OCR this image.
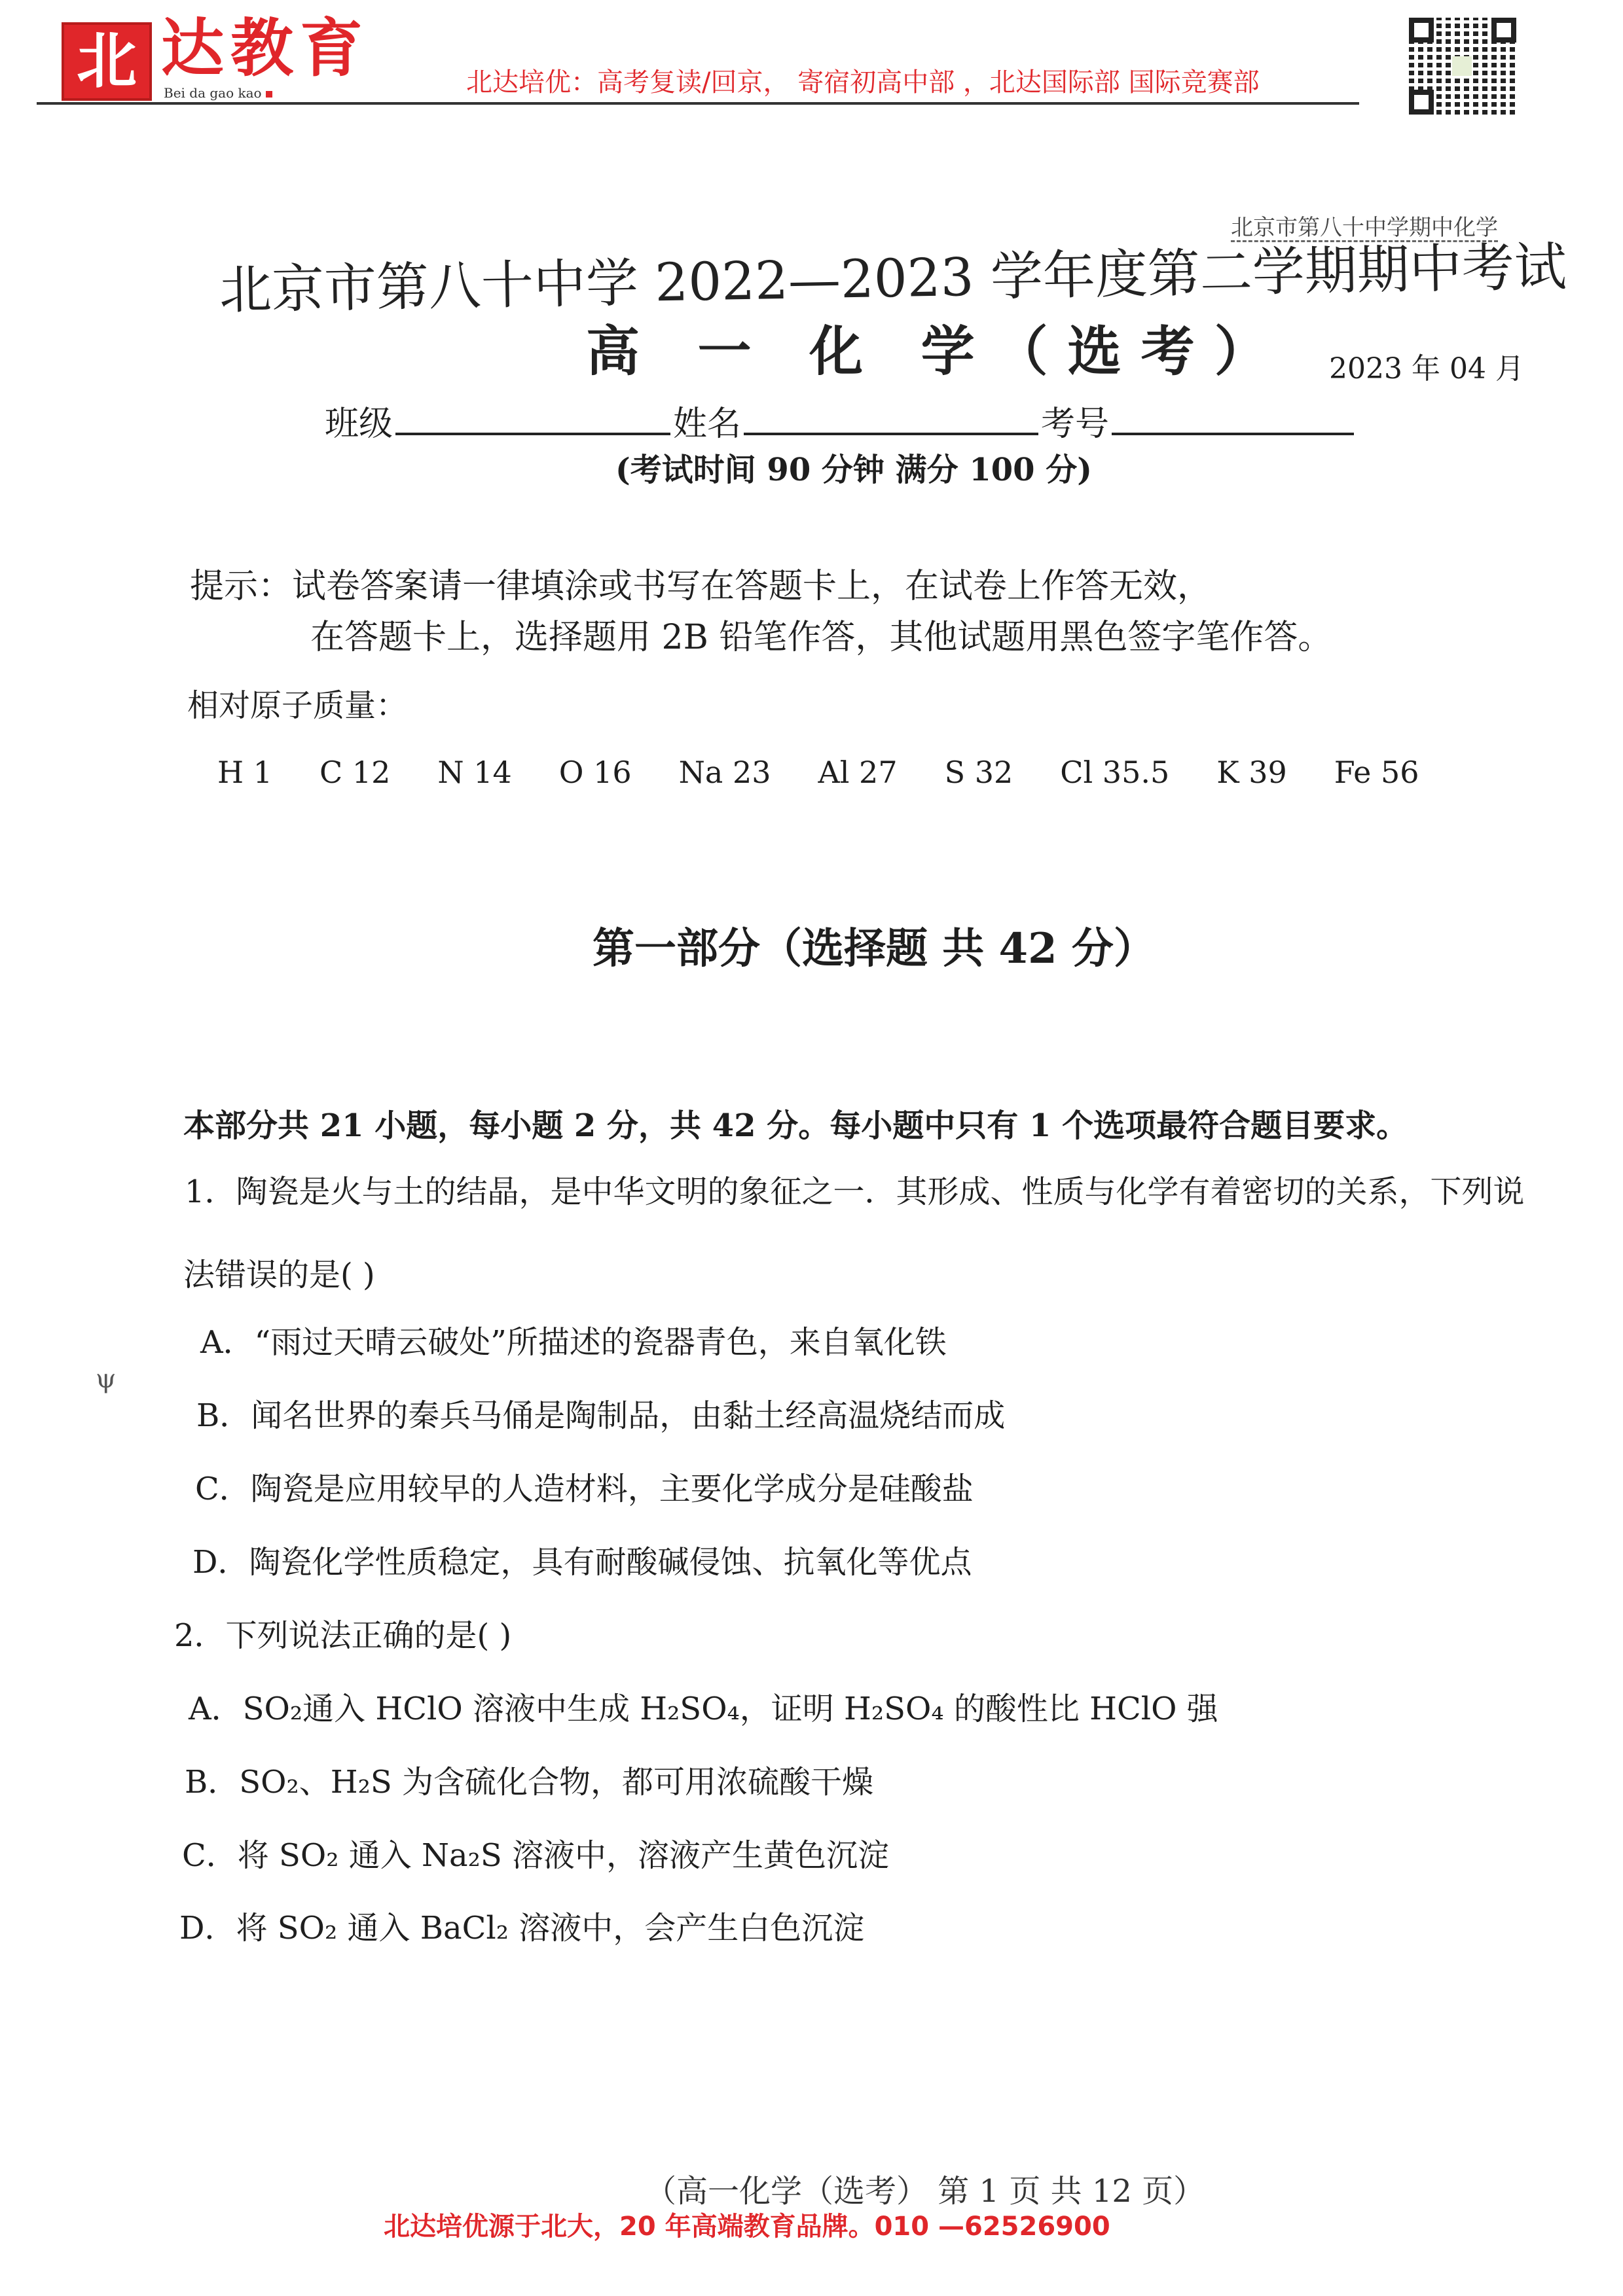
北 达教育
Bei da gao kao	北达培优：高考复读/回京， 寄宿初高中部 ，北达国际部 国际竞赛部
北京市第八十中学期中化学
北京市第八十中学 2022—2023 学年度第二学期期中考试
高 一 化 学（选考） 2023 年 04 月
班级	姓名	考号
(考试时间 90 分钟 满分 100 分)
提示：试卷答案请一律填涂或书写在答题卡上，在试卷上作答无效，
在答题卡上，选择题用 2B 铅笔作答，其他试题用黑色签字笔作答。
相对原子质量：
H 1 C 12 N 14 O 16 Na 23 Al 27 S 32 Cl 35.5 K 39 Fe 56
第一部分（选择题 共 42 分）
本部分共 21 小题，每小题 2 分，共 42 分。每小题中只有 1 个选项最符合题目要求。
1．陶瓷是火与土的结晶，是中华文明的象征之一．其形成、性质与化学有着密切的关系，下列说
法错误的是( )
A．“雨过天晴云破处”所描述的瓷器青色，来自氧化铁
B．闻名世界的秦兵马俑是陶制品，由黏土经高温烧结而成
C．陶瓷是应用较早的人造材料，主要化学成分是硅酸盐
D．陶瓷化学性质稳定，具有耐酸碱侵蚀、抗氧化等优点
2．下列说法正确的是( )
A．SO₂通入 HClO 溶液中生成 H₂SO₄，证明 H₂SO₄ 的酸性比 HClO 强
B．SO₂、H₂S 为含硫化合物，都可用浓硫酸干燥
C．将 SO₂ 通入 Na₂S 溶液中，溶液产生黄色沉淀
D．将 SO₂ 通入 BaCl₂ 溶液中，会产生白色沉淀
ψ
（高一化学（选考） 第 1 页 共 12 页）
北达培优源于北大，20 年高端教育品牌。010 —62526900
